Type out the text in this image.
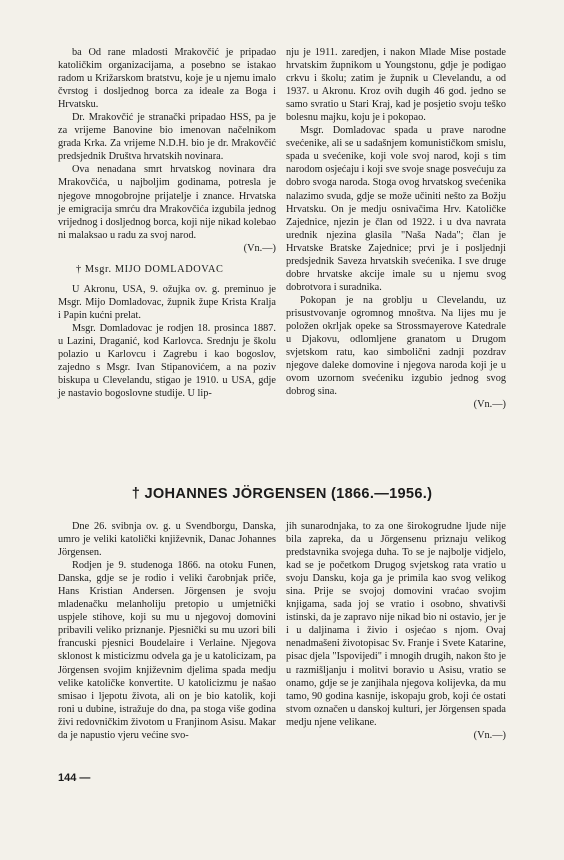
ba Od rane mladosti Mrakovčić je pripadao katoličkim organizacijama, a posebno se istakao radom u Križarskom bratstvu, koje je u njemu imalo čvrstog i dosljednog borca za ideale za Boga i Hrvatsku.

Dr. Mrakovčić je stranački pripadao HSS, pa je za vrijeme Banovine bio imenovan načelnikom grada Krka. Za vrijeme N.D.H. bio je dr. Mrakovčić predsjednik Društva hrvatskih novinara.

Ova nenadana smrt hrvatskog novinara dra Mrakovčića, u najboljim godinama, potresla je njegove mnogobrojne prijatelje i znance. Hrvatska je emigracija smrću dra Mrakovčića izgubila jednog vrijednog i dosljednog borca, koji nije nikad kolebao ni malaksao u radu za svoj narod.

(Vn.—)

† Msgr. MIJO DOMLADOVAC

U Akronu, USA, 9. ožujka ov. g. preminuo je Msgr. Mijo Domladovac, župnik župe Krista Kralja i Papin kućni prelat.

Msgr. Domladovac je rodjen 18. prosinca 1887. u Lazini, Draganić, kod Karlovca. Srednju je školu polazio u Karlovcu i Zagrebu i kao bogoslov, zajedno s Msgr. Ivan Stipanovićem, a na poziv biskupa u Clevelandu, stigao je 1910. u USA, gdje je nastavio bogoslovne studije. U lip-

nju je 1911. zaredjen, i nakon Mlade Mise postade hrvatskim župnikom u Youngstonu, gdje je podigao crkvu i školu; zatim je župnik u Clevelandu, a od 1937. u Akronu. Kroz ovih dugih 46 god. jedno se samo svratio u Stari Kraj, kad je posjetio svoju teško bolesnu majku, koju je i pokopao.

Msgr. Domladovac spada u prave narodne svećenike, ali se u sadašnjem komunističkom smislu, spada u svećenike, koji vole svoj narod, koji s tim narodom osjećaju i koji sve svoje snage posvećuju za dobro svoga naroda. Stoga ovog hrvatskog svećenika nalazimo svuda, gdje se može učiniti nešto za Božju Hrvatsku. On je medju osnivačima Hrv. Katoličke Zajednice, njezin je član od 1922. i u dva navrata urednik njezina glasila "Naša Nada"; član je Hrvatske Bratske Zajednice; prvi je i posljednji predsjednik Saveza hrvatskih svećenika. I sve druge dobre hrvatske akcije imale su u njemu svog dobrotvora i suradnika.

Pokopan je na groblju u Clevelandu, uz prisustvovanje ogromnog mnoštva. Na lijes mu je položen okrljak opeke sa Strossmayerove Katedrale u Djakovu, odlomljene granatom u Drugom svjetskom ratu, kao simbolični zadnji pozdrav njegove daleke domovine i njegova naroda koji je u ovom uzornom svećeniku izgubio jednog svog dobrog sina.

(Vn.—)

† JOHANNES JÖRGENSEN (1866.—1956.)

Dne 26. svibnja ov. g. u Svendborgu, Danska, umro je veliki katolički književnik, Danac Johannes Jörgensen.

Rodjen je 9. studenoga 1866. na otoku Funen, Danska, gdje se je rodio i veliki čarobnjak priče, Hans Kristian Andersen. Jörgensen je svoju mladenačku melanholiju pretopio u umjetnički uspjele stihove, koji su mu u njegovoj domovini pribavili veliko priznanje. Pjesnički su mu uzori bili francuski pjesnici Boudelaire i Verlaine. Njegova sklonost k misticizmu odvela ga je u katolicizam, pa Jörgensen svojim književnim djelima spada medju velike katoličke konvertite. U katolicizmu je našao smisao i ljepotu života, ali on je bio katolik, koji roni u dubine, istražuje do dna, pa stoga više godina živi redovničkim životom u Franjinom Asisu. Makar da je napustio vjeru većine svo-

jih sunarodnjaka, to za one širokogrudne ljude nije bila zapreka, da u Jörgensenu priznaju velikog predstavnika svojega duha. To se je najbolje vidjelo, kad se je početkom Drugog svjetskog rata vratio u svoju Dansku, koja ga je primila kao svog velikog sina. Prije se svojoj domovini vraćao svojim knjigama, sada joj se vratio i osobno, shvativši istinski, da je zapravo nije nikad bio ni ostavio, jer je i u daljinama i živio i osjećao s njom. Ovaj nenadmašeni životopisac Sv. Franje i Svete Katarine, pisac djela "Ispovijedi" i mnogih drugih, nakon što je u razmišljanju i molitvi boravio u Asisu, vratio se onamo, gdje se je zanjihala njegova kolijevka, da mu tamo, 90 godina kasnije, iskopaju grob, koji će ostati stvom označen u danskoj kulturi, jer Jörgensen spada medju njene velikane.

(Vn.—)

144 —
